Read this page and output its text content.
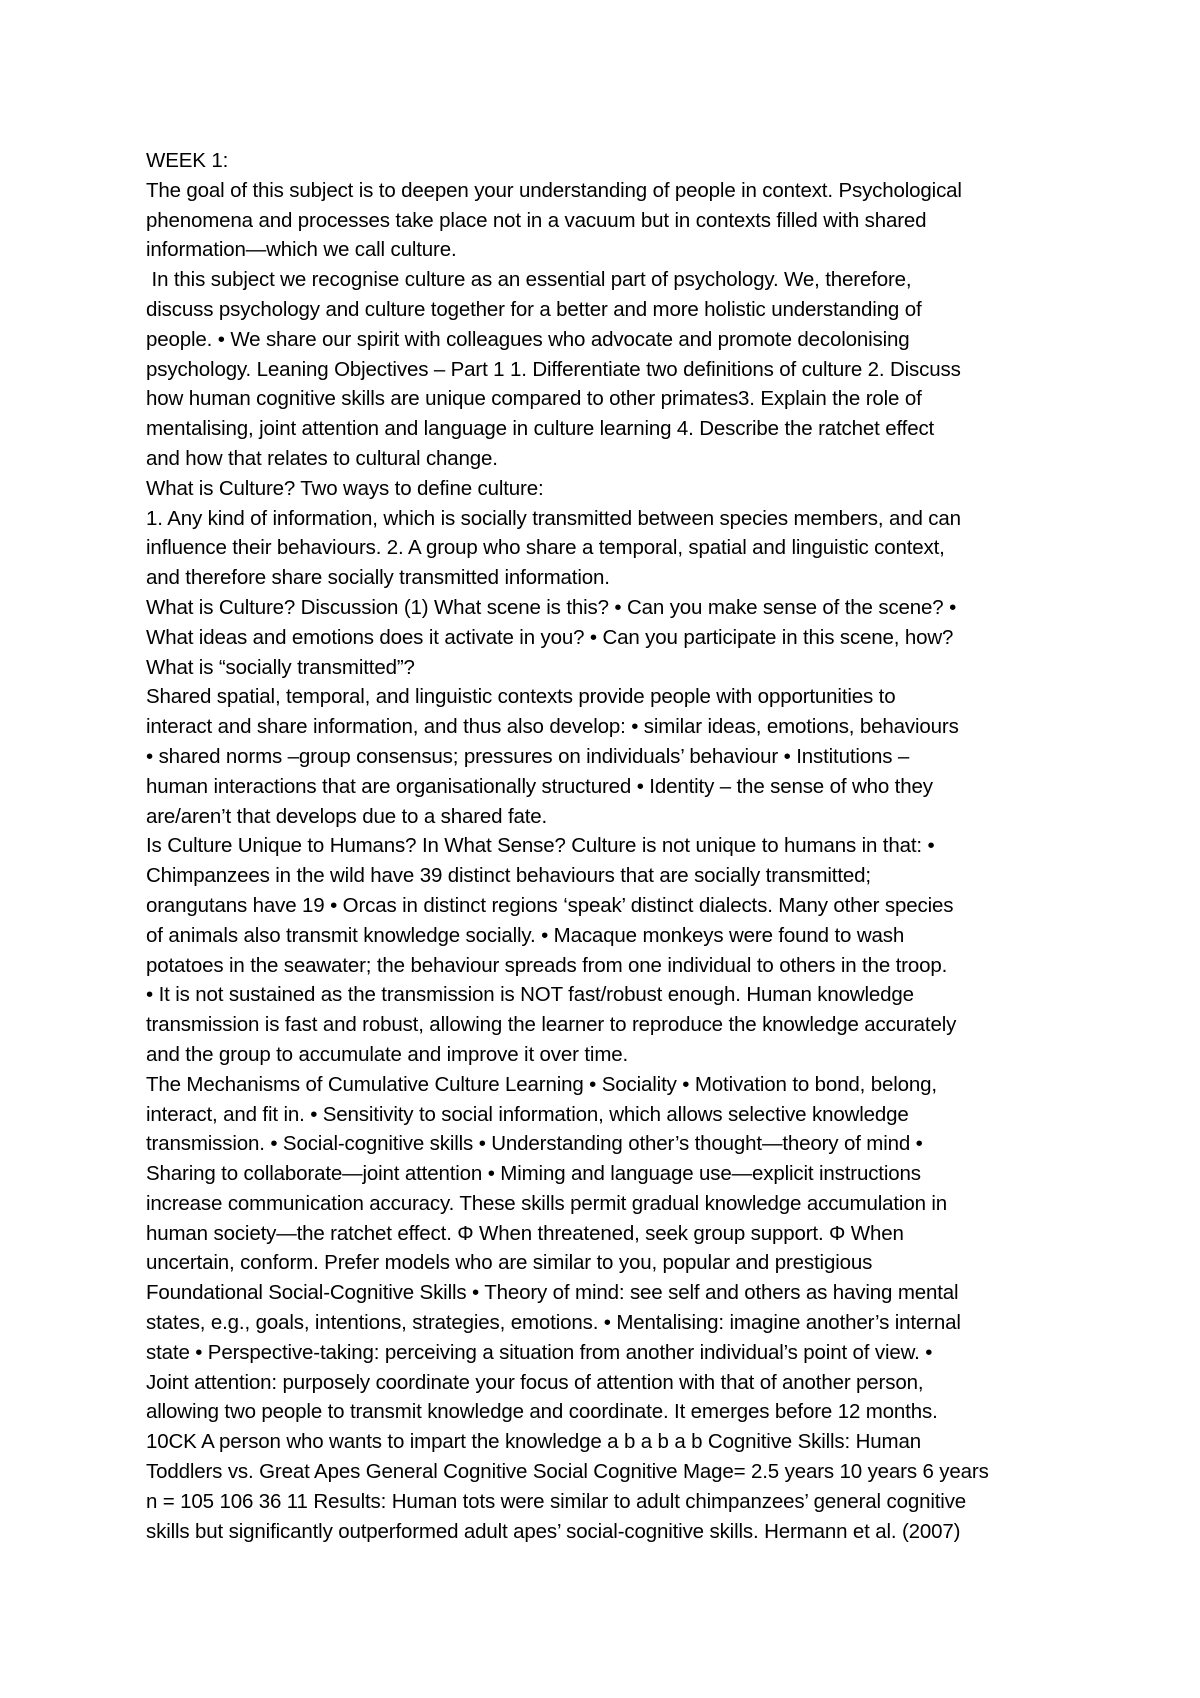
WEEK 1:
The goal of this subject is to deepen your understanding of people in context. Psychological
phenomena and processes take place not in a vacuum but in contexts filled with shared
information—which we call culture.
In this subject we recognise culture as an essential part of psychology. We, therefore,
discuss psychology and culture together for a better and more holistic understanding of
people. • We share our spirit with colleagues who advocate and promote decolonising
psychology. Leaning Objectives – Part 1 1. Differentiate two definitions of culture 2. Discuss
how human cognitive skills are unique compared to other primates3. Explain the role of
mentalising, joint attention and language in culture learning 4. Describe the ratchet effect
and how that relates to cultural change.
What is Culture? Two ways to define culture:
1. Any kind of information, which is socially transmitted between species members, and can
influence their behaviours. 2. A group who share a temporal, spatial and linguistic context,
and therefore share socially transmitted information.
What is Culture? Discussion (1) What scene is this? • Can you make sense of the scene? •
What ideas and emotions does it activate in you? • Can you participate in this scene, how?
What is “socially transmitted”?
Shared spatial, temporal, and linguistic contexts provide people with opportunities to
interact and share information, and thus also develop: • similar ideas, emotions, behaviours
• shared norms –group consensus; pressures on individuals’ behaviour • Institutions –
human interactions that are organisationally structured • Identity – the sense of who they
are/aren’t that develops due to a shared fate.
Is Culture Unique to Humans? In What Sense? Culture is not unique to humans in that: •
Chimpanzees in the wild have 39 distinct behaviours that are socially transmitted;
orangutans have 19 • Orcas in distinct regions ‘speak’ distinct dialects. Many other species
of animals also transmit knowledge socially. • Macaque monkeys were found to wash
potatoes in the seawater; the behaviour spreads from one individual to others in the troop.
• It is not sustained as the transmission is NOT fast/robust enough. Human knowledge
transmission is fast and robust, allowing the learner to reproduce the knowledge accurately
and the group to accumulate and improve it over time.
The Mechanisms of Cumulative Culture Learning • Sociality • Motivation to bond, belong,
interact, and fit in. • Sensitivity to social information, which allows selective knowledge
transmission. • Social-cognitive skills • Understanding other’s thought—theory of mind •
Sharing to collaborate—joint attention • Miming and language use—explicit instructions
increase communication accuracy. These skills permit gradual knowledge accumulation in
human society—the ratchet effect. Φ When threatened, seek group support. Φ When
uncertain, conform. Prefer models who are similar to you, popular and prestigious
Foundational Social-Cognitive Skills • Theory of mind: see self and others as having mental
states, e.g., goals, intentions, strategies, emotions. • Mentalising: imagine another’s internal
state • Perspective-taking: perceiving a situation from another individual’s point of view. •
Joint attention: purposely coordinate your focus of attention with that of another person,
allowing two people to transmit knowledge and coordinate. It emerges before 12 months.
10CK A person who wants to impart the knowledge a b a b a b Cognitive Skills: Human
Toddlers vs. Great Apes General Cognitive Social Cognitive Mage= 2.5 years 10 years 6 years
n = 105 106 36 11 Results: Human tots were similar to adult chimpanzees’ general cognitive
skills but significantly outperformed adult apes’ social-cognitive skills. Hermann et al. (2007)
